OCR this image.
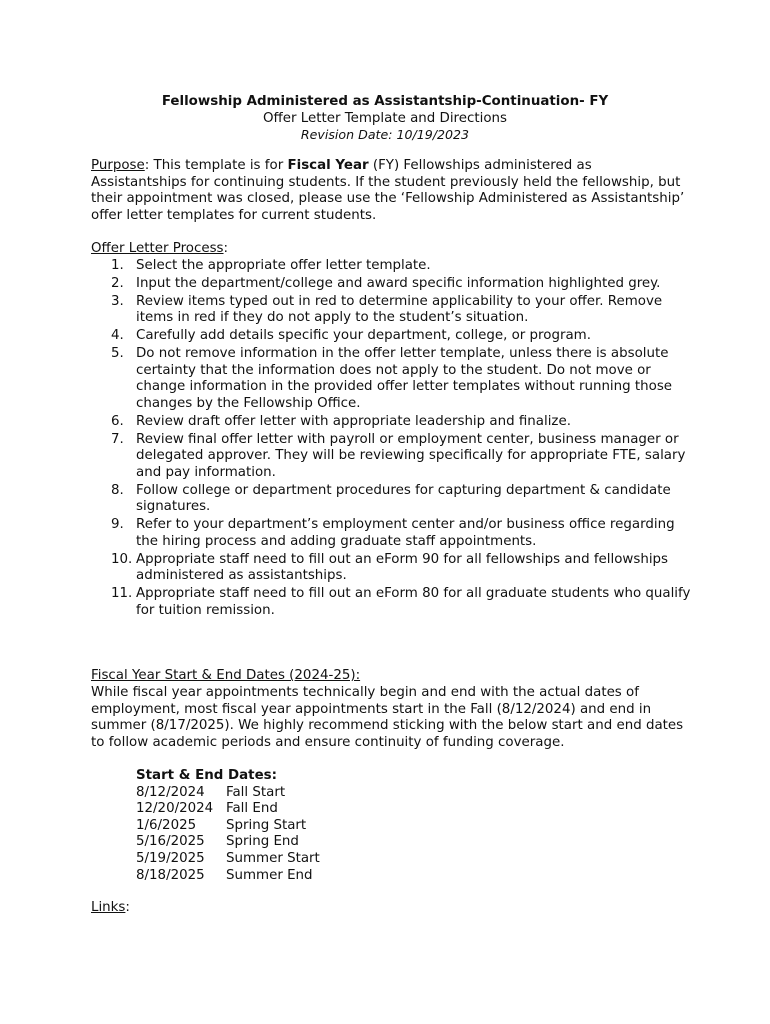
Fellowship Administered as Assistantship-Continuation- FY
Offer Letter Template and Directions
Revision Date: 10/19/2023
Purpose: This template is for Fiscal Year (FY) Fellowships administered as Assistantships for continuing students. If the student previously held the fellowship, but their appointment was closed, please use the ‘Fellowship Administered as Assistantship’ offer letter templates for current students.
Offer Letter Process:
1. Select the appropriate offer letter template.
2. Input the department/college and award specific information highlighted grey.
3. Review items typed out in red to determine applicability to your offer. Remove items in red if they do not apply to the student’s situation.
4. Carefully add details specific your department, college, or program.
5. Do not remove information in the offer letter template, unless there is absolute certainty that the information does not apply to the student. Do not move or change information in the provided offer letter templates without running those changes by the Fellowship Office.
6. Review draft offer letter with appropriate leadership and finalize.
7. Review final offer letter with payroll or employment center, business manager or delegated approver. They will be reviewing specifically for appropriate FTE, salary and pay information.
8. Follow college or department procedures for capturing department & candidate signatures.
9. Refer to your department’s employment center and/or business office regarding the hiring process and adding graduate staff appointments.
10. Appropriate staff need to fill out an eForm 90 for all fellowships and fellowships administered as assistantships.
11. Appropriate staff need to fill out an eForm 80 for all graduate students who qualify for tuition remission.
Fiscal Year Start & End Dates (2024-25):
While fiscal year appointments technically begin and end with the actual dates of employment, most fiscal year appointments start in the Fall (8/12/2024) and end in summer (8/17/2025). We highly recommend sticking with the below start and end dates to follow academic periods and ensure continuity of funding coverage.
Start & End Dates:
8/12/2024	Fall Start
12/20/2024 Fall End
1/6/2025	Spring Start
5/16/2025	Spring End
5/19/2025	Summer Start
8/18/2025	Summer End
Links:
